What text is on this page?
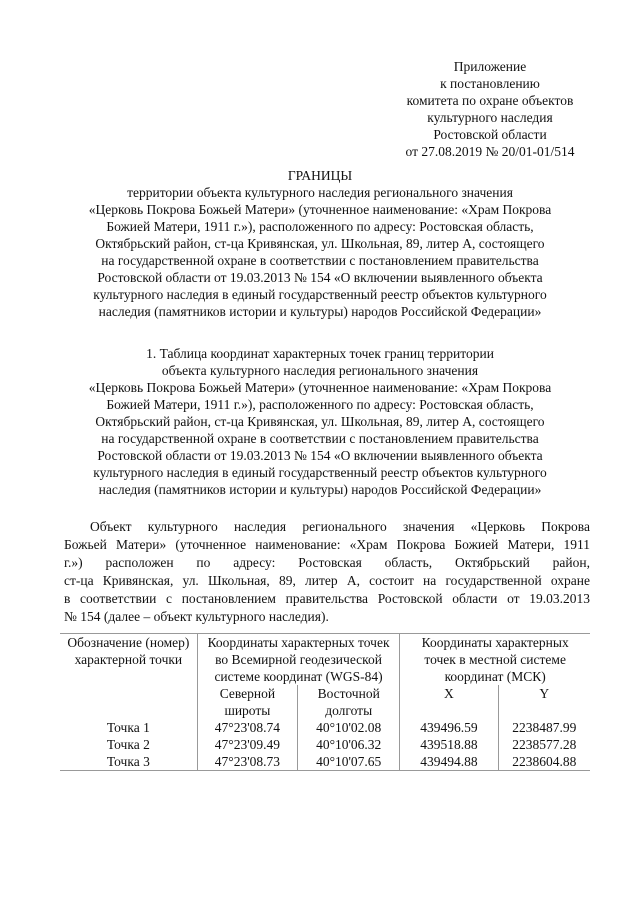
Приложение
к постановлению
комитета по охране объектов
культурного наследия
Ростовской области
от 27.08.2019 № 20/01-01/514
ГРАНИЦЫ
территории объекта культурного наследия регионального значения
«Церковь Покрова Божьей Матери» (уточненное наименование: «Храм Покрова
Божией Матери, 1911 г.»), расположенного по адресу: Ростовская область,
Октябрьский район, ст-ца Кривянская, ул. Школьная, 89, литер А, состоящего
на государственной охране в соответствии с постановлением правительства
Ростовской области от 19.03.2013 № 154 «О включении выявленного объекта
культурного наследия в единый государственный реестр объектов культурного
наследия (памятников истории и культуры) народов Российской Федерации»
1. Таблица координат характерных точек границ территории
объекта культурного наследия регионального значения
«Церковь Покрова Божьей Матери» (уточненное наименование: «Храм Покрова
Божией Матери, 1911 г.»), расположенного по адресу: Ростовская область,
Октябрьский район, ст-ца Кривянская, ул. Школьная, 89, литер А, состоящего
на государственной охране в соответствии с постановлением правительства
Ростовской области от 19.03.2013 № 154 «О включении выявленного объекта
культурного наследия в единый государственный реестр объектов культурного
наследия (памятников истории и культуры) народов Российской Федерации»
Объект культурного наследия регионального значения «Церковь Покрова
Божьей Матери» (уточненное наименование: «Храм Покрова Божией Матери, 1911
г.») расположен по адресу: Ростовская область, Октябрьский район,
ст-ца Кривянская, ул. Школьная, 89, литер А, состоит на государственной охране
в соответствии с постановлением правительства Ростовской области от 19.03.2013
№ 154 (далее – объект культурного наследия).
Обозначение (номер) характерной точки	Координаты характерных точек во Всемирной геодезической системе координат (WGS-84)		Координаты характерных точек в местной системе координат (МСК)	
	Северной широты	Восточной долготы	X	Y
Точка 1	47°23'08.74	40°10'02.08	439496.59	2238487.99
Точка 2	47°23'09.49	40°10'06.32	439518.88	2238577.28
Точка 3	47°23'08.73	40°10'07.65	439494.88	2238604.88
